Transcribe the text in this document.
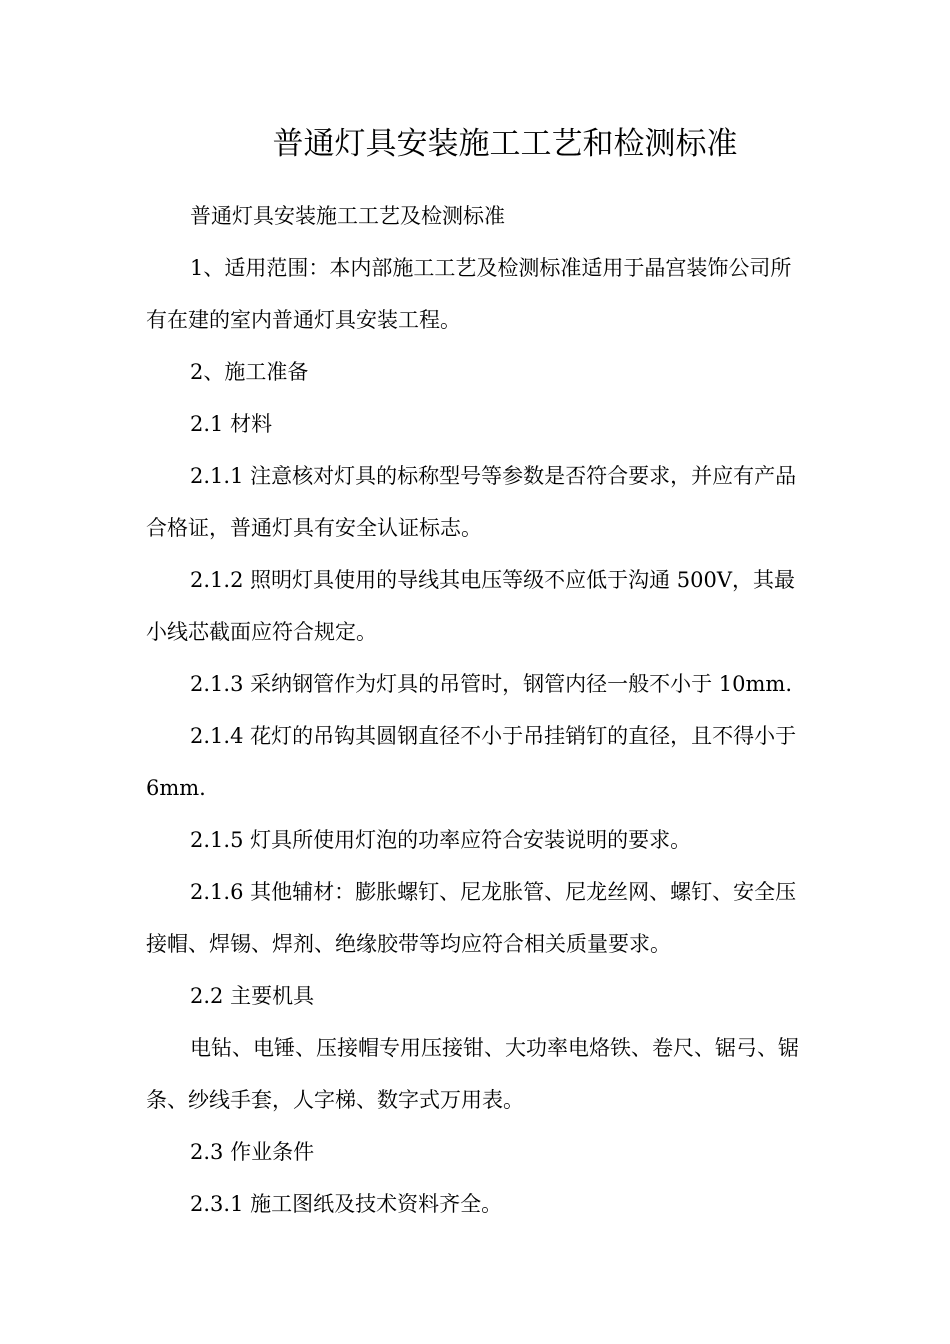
普通灯具安装施工工艺和检测标准

普通灯具安装施工工艺及检测标准

1、适用范围：本内部施工工艺及检测标准适用于晶宫装饰公司所有在建的室内普通灯具安装工程。

2、施工准备

2.1 材料

2.1.1 注意核对灯具的标称型号等参数是否符合要求，并应有产品合格证，普通灯具有安全认证标志。

2.1.2 照明灯具使用的导线其电压等级不应低于沟通 500V，其最小线芯截面应符合规定。

2.1.3 采纳钢管作为灯具的吊管时，钢管内径一般不小于 10mm.

2.1.4 花灯的吊钩其圆钢直径不小于吊挂销钉的直径，且不得小于 6mm.

2.1.5 灯具所使用灯泡的功率应符合安装说明的要求。

2.1.6 其他辅材：膨胀螺钉、尼龙胀管、尼龙丝网、螺钉、安全压接帽、焊锡、焊剂、绝缘胶带等均应符合相关质量要求。

2.2 主要机具

电钻、电锤、压接帽专用压接钳、大功率电烙铁、卷尺、锯弓、锯条、纱线手套，人字梯、数字式万用表。

2.3 作业条件

2.3.1 施工图纸及技术资料齐全。
